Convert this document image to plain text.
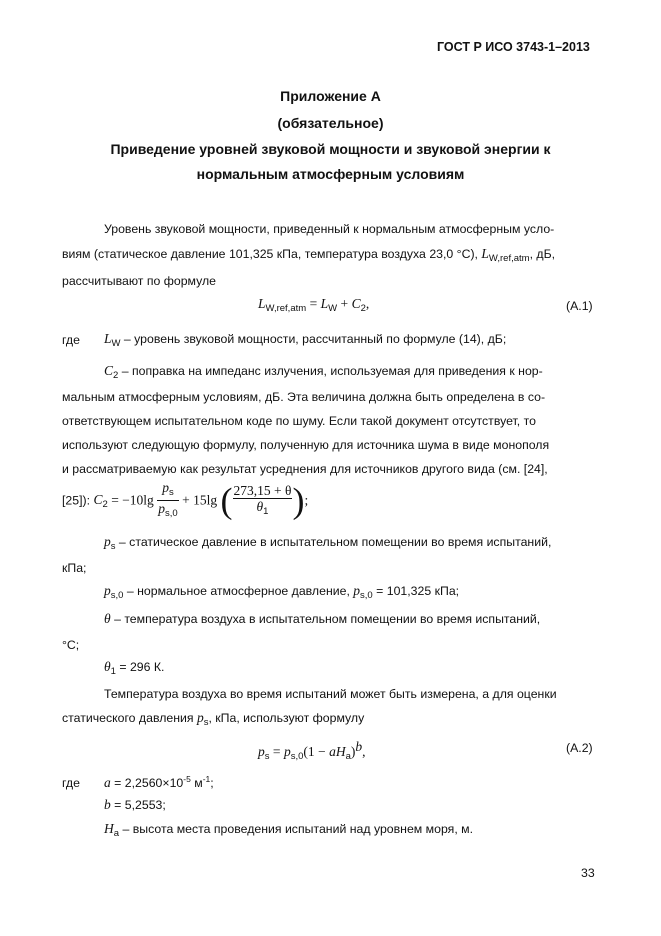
ГОСТ Р ИСО 3743-1–2013
Приложение А
(обязательное)
Приведение уровней звуковой мощности и звуковой энергии к
нормальным атмосферным условиям
Уровень звуковой мощности, приведенный к нормальным атмосферным усло-
виям (статическое давление 101,325 кПа, температура воздуха 23,0 °С), $L_{W,ref,atm}$, дБ,
рассчитывают по формуле
$L_{W,ref,atm} = L_W + C_2$,	(А.1)
где $L_W$ – уровень звуковой мощности, рассчитанный по формуле (14), дБ;
$C_2$ – поправка на импеданс излучения, используемая для приведения к нор-
мальным атмосферным условиям, дБ. Эта величина должна быть определена в со-
ответствующем испытательном коде по шуму. Если такой документ отсутствует, то
используют следующую формулу, полученную для источника шума в виде монополя
и рассматриваемую как результат усреднения для источников другого вида (см. [24],
[25]): $C_2 = -10\lg \frac{p_s}{p_{s,0}} + 15\lg$ ( $\frac{273,15 + \theta}{\theta_1}$ );
$p_s$ – статическое давление в испытательном помещении во время испытаний,
кПа;
$p_{s,0}$ – нормальное атмосферное давление, $p_{s,0} = 101,325$ кПа;
θ – температура воздуха в испытательном помещении во время испытаний,
°С;
$\theta_1 = 296$ К.
Температура воздуха во время испытаний может быть измерена, а для оценки
статического давления $p_s$, кПа, используют формулу
$p_s = p_{s,0}(1 - aH_a)^b$,	(А.2)
где $a = 2,2560\times 10^{-5}$ $м^{-1}$;
b = 5,2553;
$H_a$ – высота места проведения испытаний над уровнем моря, м.
33
